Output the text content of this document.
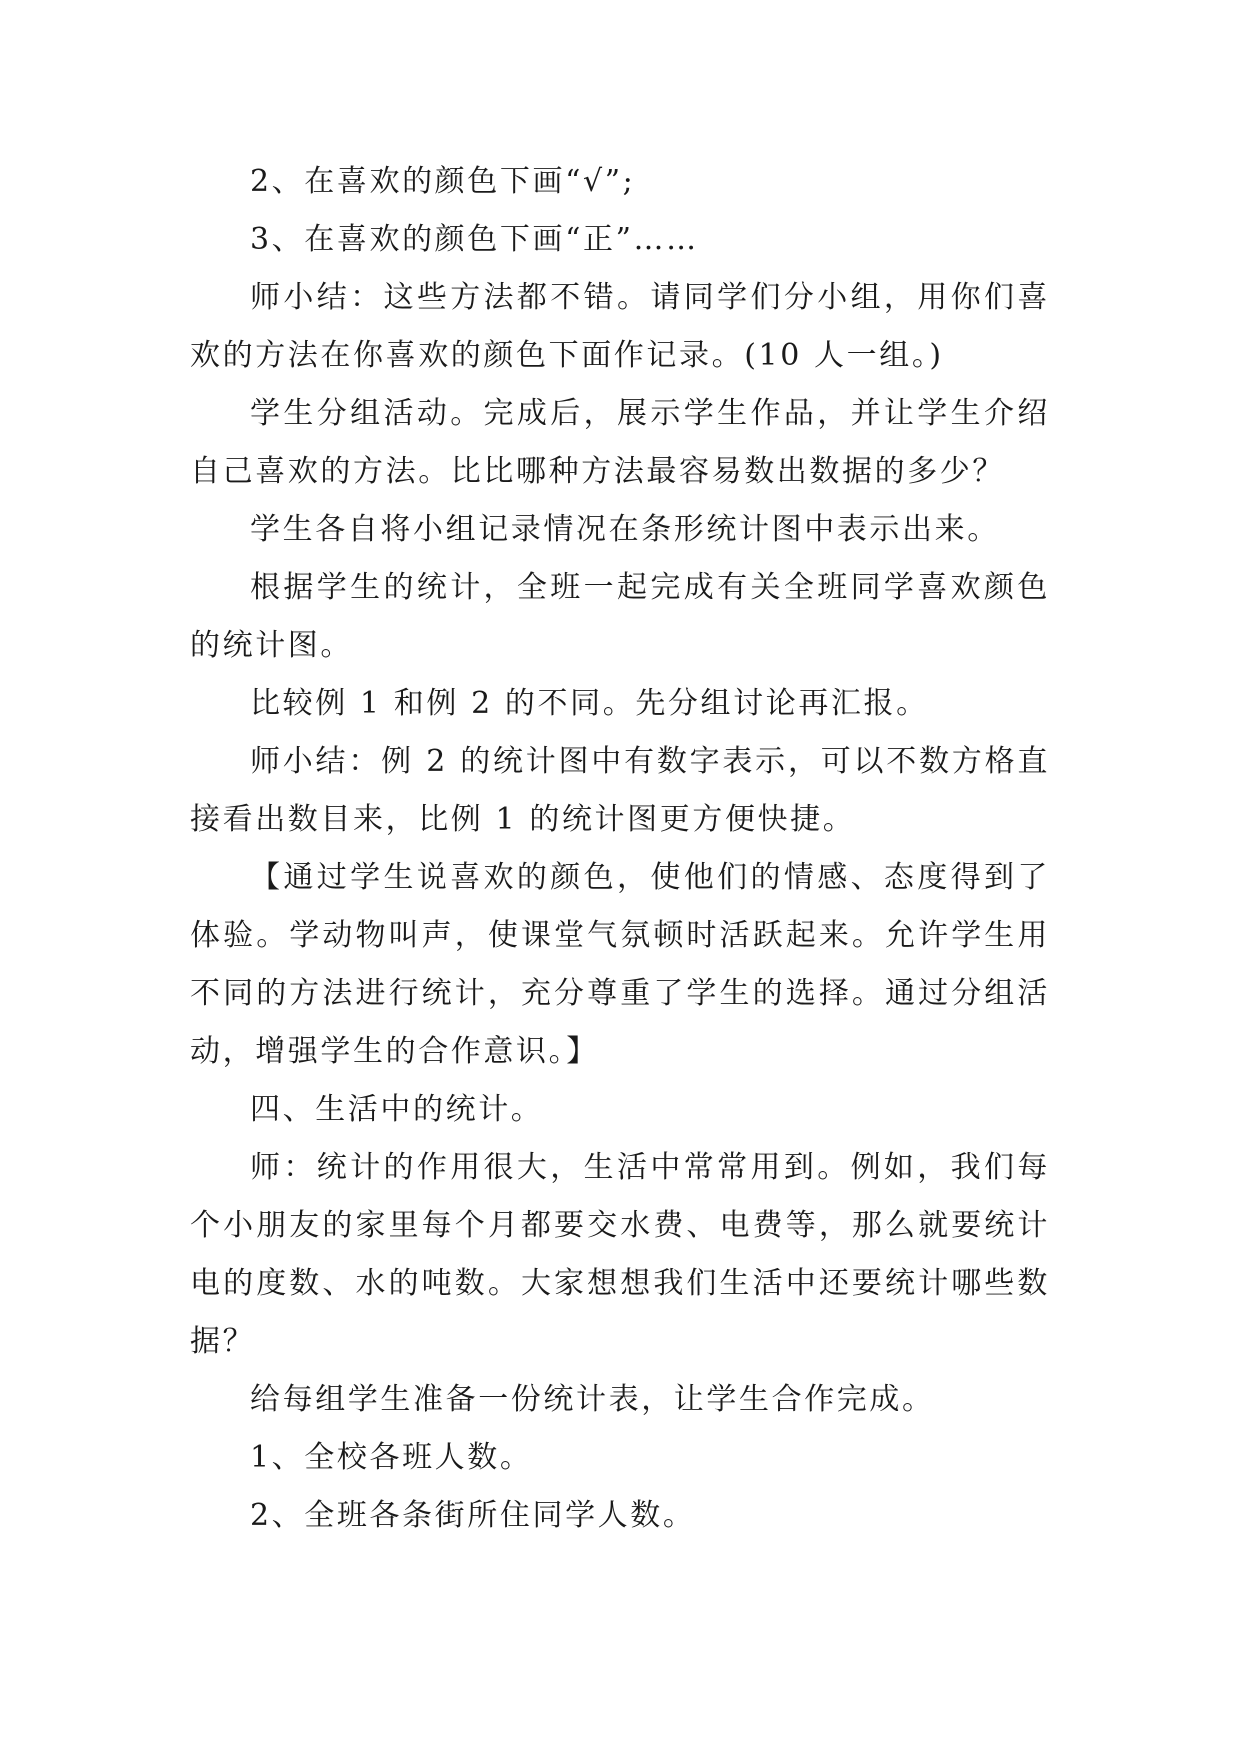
2、在喜欢的颜色下画“√”;

3、在喜欢的颜色下画“正”……

师小结：这些方法都不错。请同学们分小组，用你们喜欢的方法在你喜欢的颜色下面作记录。(10 人一组。)

学生分组活动。完成后，展示学生作品，并让学生介绍自己喜欢的方法。比比哪种方法最容易数出数据的多少？

学生各自将小组记录情况在条形统计图中表示出来。

根据学生的统计，全班一起完成有关全班同学喜欢颜色的统计图。

比较例 1 和例 2 的不同。先分组讨论再汇报。

师小结：例 2 的统计图中有数字表示，可以不数方格直接看出数目来，比例 1 的统计图更方便快捷。

【通过学生说喜欢的颜色，使他们的情感、态度得到了体验。学动物叫声，使课堂气氛顿时活跃起来。允许学生用不同的方法进行统计，充分尊重了学生的选择。通过分组活动，增强学生的合作意识。】

四、生活中的统计。

师：统计的作用很大，生活中常常用到。例如，我们每个小朋友的家里每个月都要交水费、电费等，那么就要统计电的度数、水的吨数。大家想想我们生活中还要统计哪些数据？

给每组学生准备一份统计表，让学生合作完成。

1、全校各班人数。

2、全班各条街所住同学人数。
